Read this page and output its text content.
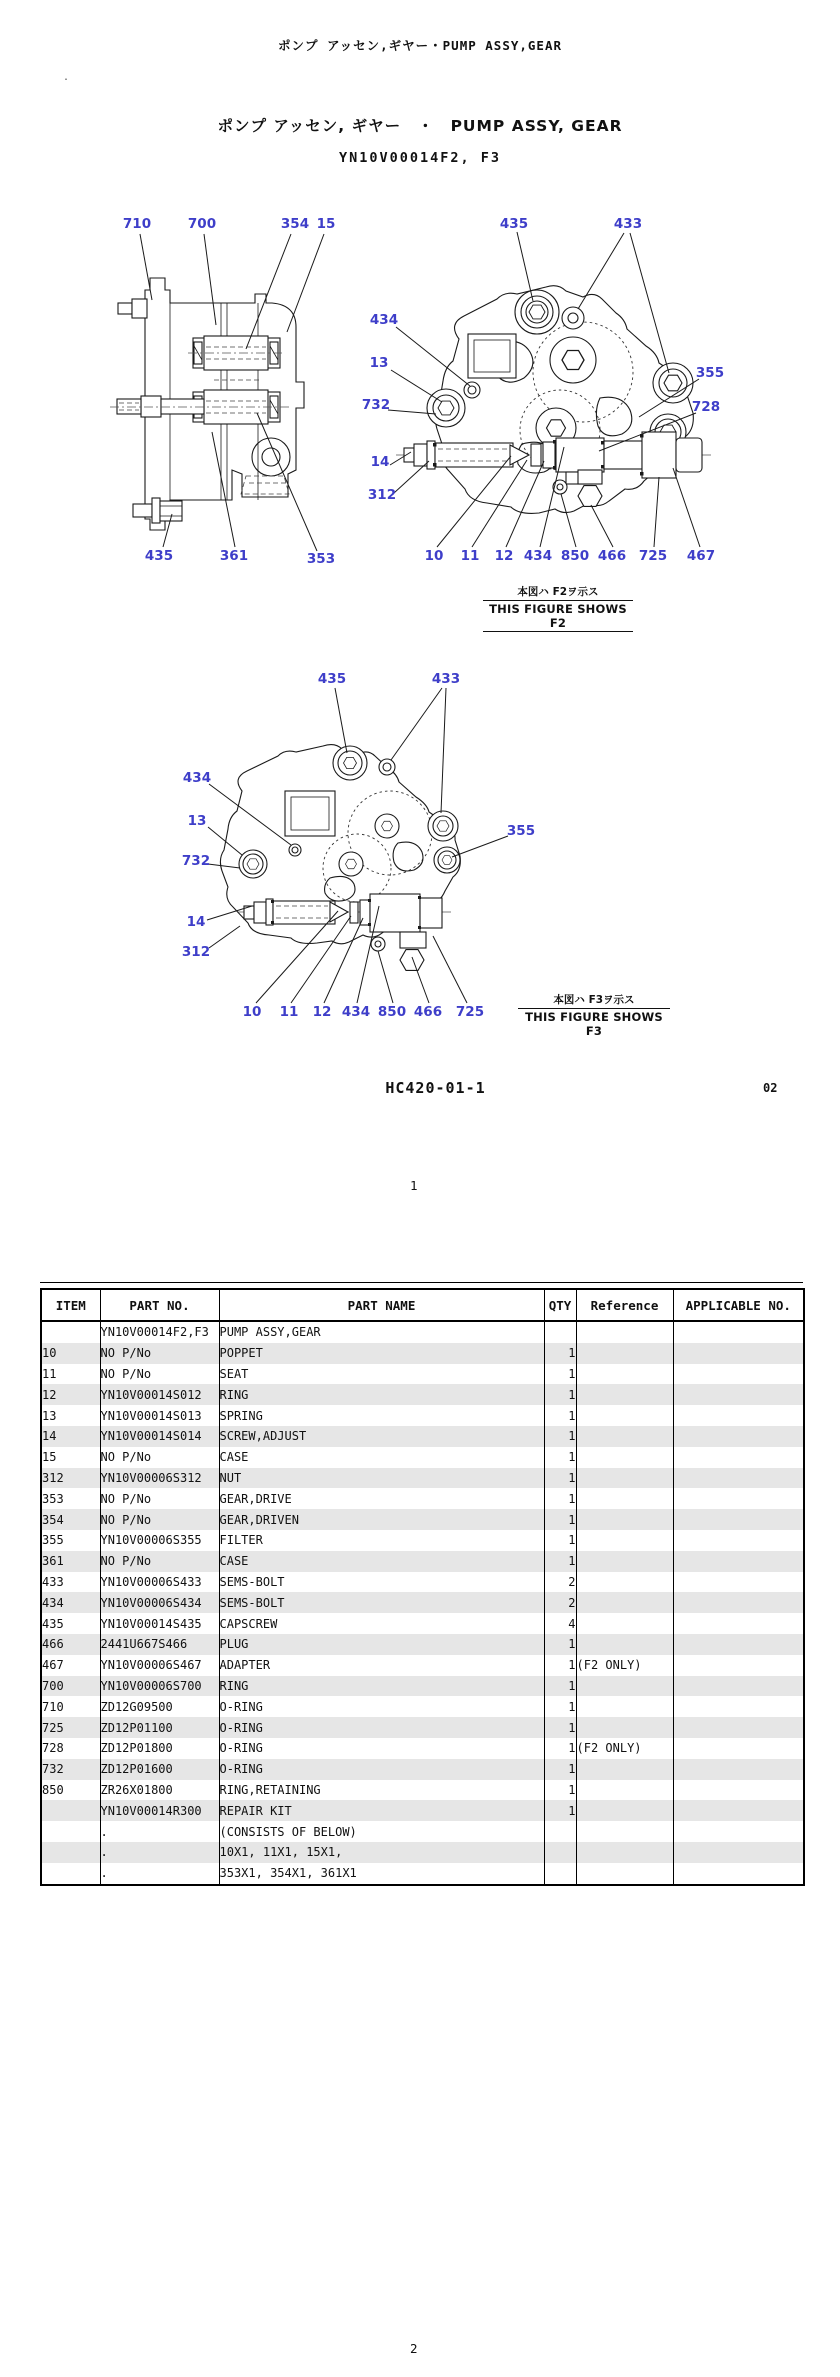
ポンプ アッセン,ギヤー・PUMP ASSY,GEAR
.
ポンプ アッセン, ギヤー　・　PUMP ASSY, GEAR
YN10V00014F2, F3
710	700	354 15
435	361	353
435	433
434
13
732
355
728
14
312
10 11 12 434 850 466 725 467
435	433
434
13
732
355
14
312
10 11 12 434 850 466 725
本図ハ F2ヲ示ス
THIS FIGURE SHOWS F2
本図ハ F3ヲ示ス
THIS FIGURE SHOWS F3
HC420-01-1	02
1
ITEM	PART NO.	PART NAME	QTY	Reference	APPLICABLE NO.
	YN10V00014F2,F3	PUMP ASSY,GEAR			
10	NO P/No	POPPET	1		
11	NO P/No	SEAT	1		
12	YN10V00014S012	RING	1		
13	YN10V00014S013	SPRING	1		
14	YN10V00014S014	SCREW,ADJUST	1		
15	NO P/No	CASE	1		
312	YN10V00006S312	NUT	1		
353	NO P/No	GEAR,DRIVE	1		
354	NO P/No	GEAR,DRIVEN	1		
355	YN10V00006S355	FILTER	1		
361	NO P/No	CASE	1		
433	YN10V00006S433	SEMS-BOLT	2		
434	YN10V00006S434	SEMS-BOLT	2		
435	YN10V00014S435	CAPSCREW	4		
466	2441U667S466	PLUG	1		
467	YN10V00006S467	ADAPTER	1	(F2 ONLY)	
700	YN10V00006S700	RING	1		
710	ZD12G09500	O-RING	1		
725	ZD12P01100	O-RING	1		
728	ZD12P01800	O-RING	1	(F2 ONLY)	
732	ZD12P01600	O-RING	1		
850	ZR26X01800	RING,RETAINING	1		
	YN10V00014R300	REPAIR KIT	1		
	.	(CONSISTS OF BELOW)			
	.	10X1, 11X1, 15X1,			
	.	353X1, 354X1, 361X1			
2
